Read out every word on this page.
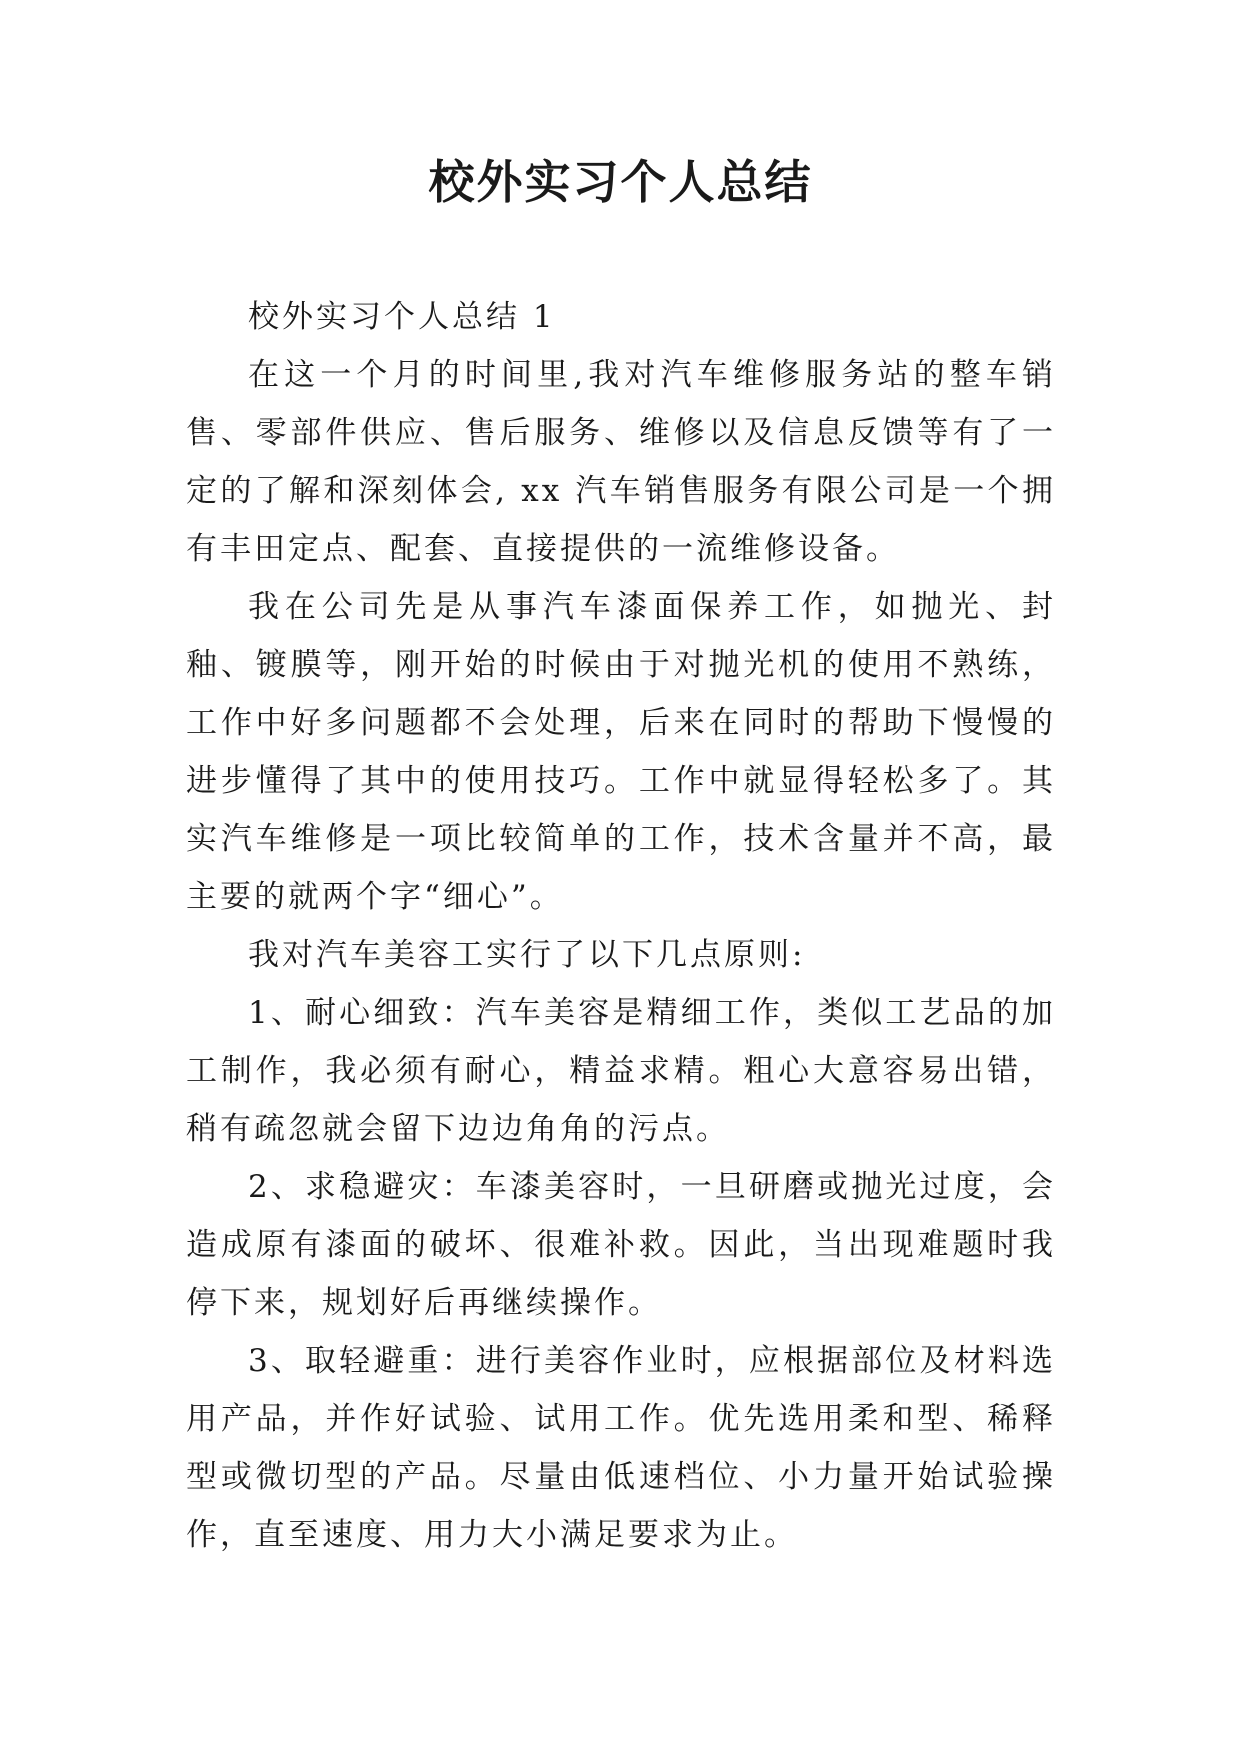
校外实习个人总结

校外实习个人总结 1

在这一个月的时间里,我对汽车维修服务站的整车销售、零部件供应、售后服务、维修以及信息反馈等有了一定的了解和深刻体会, xx 汽车销售服务有限公司是一个拥有丰田定点、配套、直接提供的一流维修设备。

我在公司先是从事汽车漆面保养工作，如抛光、封釉、镀膜等，刚开始的时候由于对抛光机的使用不熟练，工作中好多问题都不会处理，后来在同时的帮助下慢慢的进步懂得了其中的使用技巧。工作中就显得轻松多了。其实汽车维修是一项比较简单的工作，技术含量并不高，最主要的就两个字“细心”。

我对汽车美容工实行了以下几点原则:

1、耐心细致：汽车美容是精细工作，类似工艺品的加工制作，我必须有耐心，精益求精。粗心大意容易出错，稍有疏忽就会留下边边角角的污点。

2、求稳避灾：车漆美容时，一旦研磨或抛光过度，会造成原有漆面的破坏、很难补救。因此，当出现难题时我停下来，规划好后再继续操作。

3、取轻避重：进行美容作业时，应根据部位及材料选用产品，并作好试验、试用工作。优先选用柔和型、稀释型或微切型的产品。尽量由低速档位、小力量开始试验操作，直至速度、用力大小满足要求为止。
